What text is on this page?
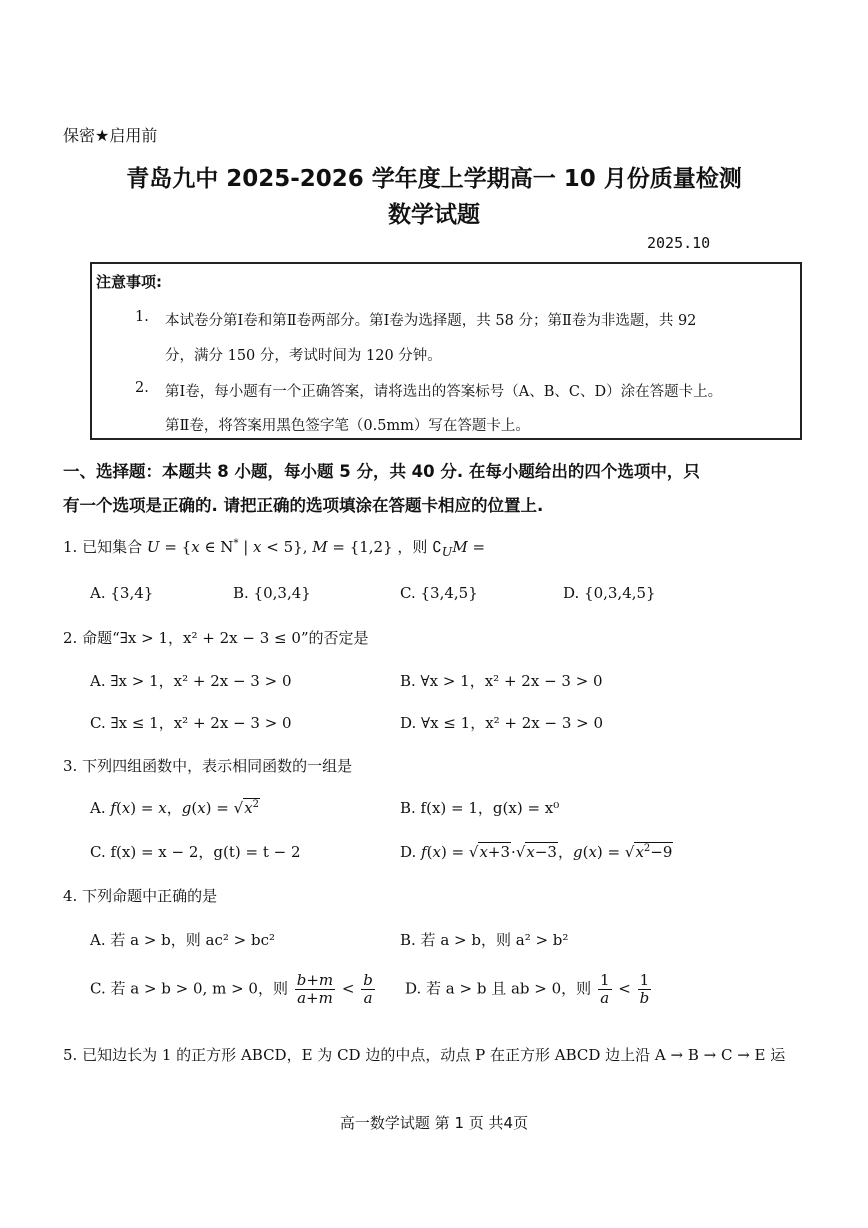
保密★启用前
青岛九中 2025-2026 学年度上学期高一 10 月份质量检测
数学试题
2025.10
注意事项:
1. 本试卷分第Ⅰ卷和第Ⅱ卷两部分。第Ⅰ卷为选择题，共 58 分；第Ⅱ卷为非选题，共 92
分，满分 150 分，考试时间为 120 分钟。
2. 第Ⅰ卷，每小题有一个正确答案，请将选出的答案标号（A、B、C、D）涂在答题卡上。
第Ⅱ卷，将答案用黑色签字笔（0.5mm）写在答题卡上。
一、选择题：本题共 8 小题，每小题 5 分，共 40 分. 在每小题给出的四个选项中，只
有一个选项是正确的. 请把正确的选项填涂在答题卡相应的位置上.
1. 已知集合 U = {x ∈ N* | x < 5}, M = {1,2} ，则 $∁_UM$ =
A. {3,4}	B. {0,3,4}	C. {3,4,5}	D. {0,3,4,5}
2. 命题“∃x > 1，x² + 2x − 3 ≤ 0”的否定是
A. ∃x > 1，x² + 2x − 3 > 0	B. ∀x > 1，x² + 2x − 3 > 0
C. ∃x ≤ 1，x² + 2x − 3 > 0	D. ∀x ≤ 1，x² + 2x − 3 > 0
3. 下列四组函数中，表示相同函数的一组是
A. f(x) = x，$g(x) = √x^2$	B. f(x) = 1，g(x) = x⁰
C. f(x) = x − 2，g(t) = t − 2	D. f(x) = √x+3·√x−3，$g(x) = √x^2-9$
4. 下列命题中正确的是
A. 若 a > b，则 ac² > bc²	B. 若 a > b，则 a² > b²
C. 若 a > b > 0, m > 0，则 $\frac{b+m}{a+m} < \frac{b}{a} D$. 若 a > b 且 ab > 0，则 $\frac{1}{a} < \frac{1}{b}$
5. 已知边长为 1 的正方形 ABCD，E 为 CD 边的中点，动点 P 在正方形 ABCD 边上沿 A → B → C → E 运
高一数学试题 第 1 页 共4页
